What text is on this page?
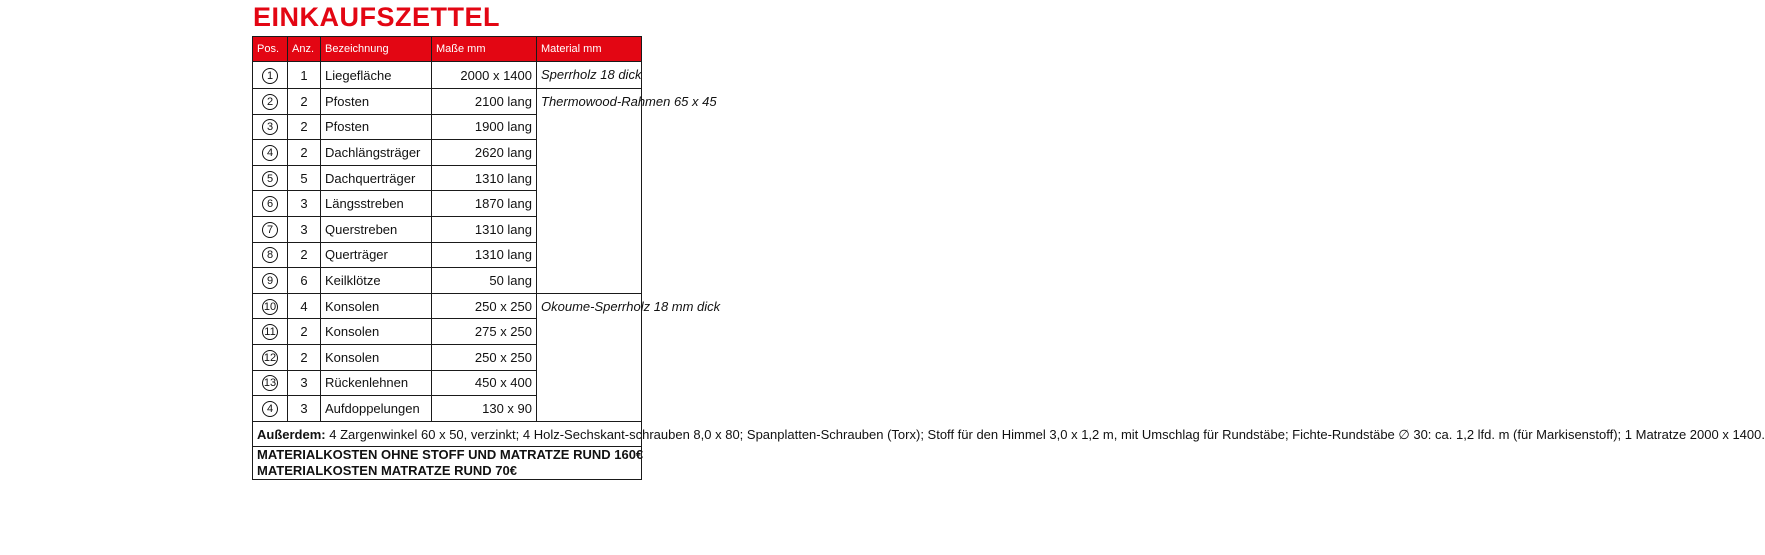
EINKAUFSZETTEL
Pos.	Anz.	Bezeichnung	Maße mm	Material mm
1	1	Liegefläche	2000 x 1400	Sperrholz 18 dick
2	2	Pfosten	2100 lang	Thermowood-Rahmen 65 x 45
3	2	Pfosten	1900 lang	
4	2	Dachlängsträger	2620 lang	
5	5	Dachquerträger	1310 lang	
6	3	Längsstreben	1870 lang	
7	3	Querstreben	1310 lang	
8	2	Querträger	1310 lang	
9	6	Keilklötze	50 lang	
10	4	Konsolen	250 x 250	Okoume-Sperrholz 18 mm dick
11	2	Konsolen	275 x 250	
12	2	Konsolen	250 x 250	
13	3	Rückenlehnen	450 x 400	
4	3	Aufdoppelungen	130 x 90	
Außerdem: 4 Zargenwinkel 60 x 50, verzinkt; 4 Holz-Sechskant-schrauben 8,0 x 80; Spanplatten-Schrauben (Torx); Stoff für den Himmel 3,0 x 1,2 m, mit Umschlag für Rundstäbe; Fichte-Rundstäbe ∅ 30: ca. 1,2 lfd. m (für Markisenstoff); 1 Matratze 2000 x 1400.				

MATERIALKOSTEN OHNE STOFF UND MATRATZE RUND 160€
MATERIALKOSTEN MATRATZE RUND 70€				
